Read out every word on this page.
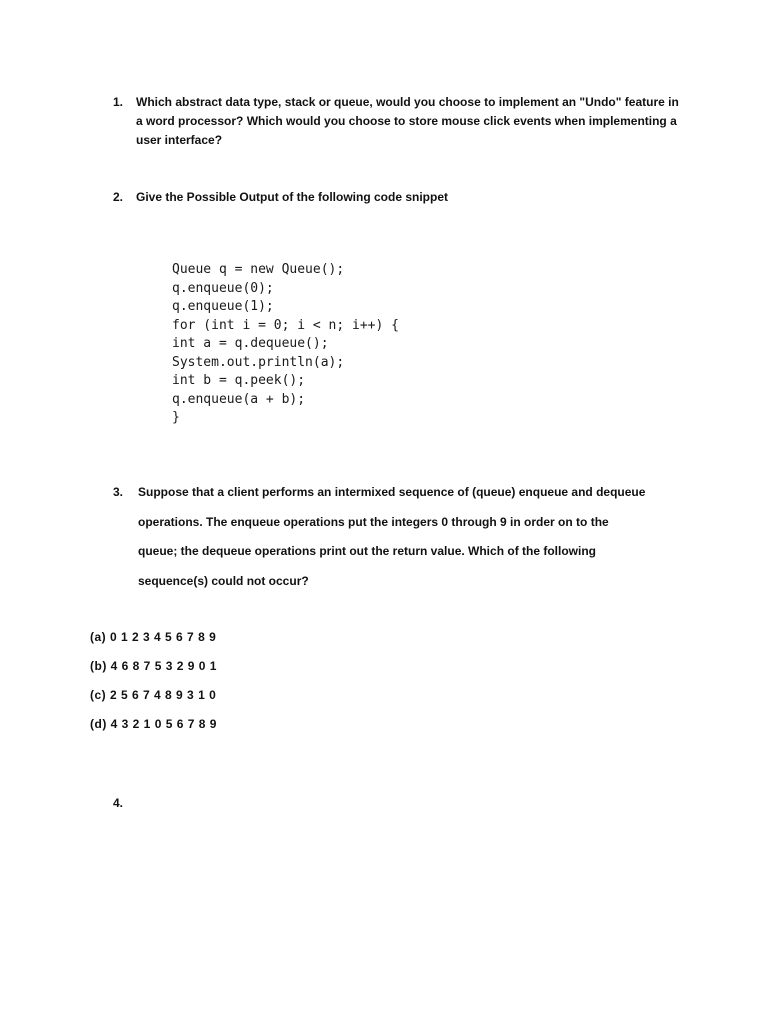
1. Which abstract data type, stack or queue, would you choose to implement an "Undo" feature in
a word processor? Which would you choose to store mouse click events when implementing a
user interface?
2. Give the Possible Output of the following code snippet
Queue q = new Queue();
q.enqueue(0);
q.enqueue(1);
for (int i = 0; i < n; i++) {
int a = q.dequeue();
System.out.println(a);
int b = q.peek();
q.enqueue(a + b);
}
3. Suppose that a client performs an intermixed sequence of (queue) enqueue and dequeue
operations. The enqueue operations put the integers 0 through 9 in order on to the
queue; the dequeue operations print out the return value. Which of the following
sequence(s) could not occur?
(a) 0 1 2 3 4 5 6 7 8 9
(b) 4 6 8 7 5 3 2 9 0 1
(c) 2 5 6 7 4 8 9 3 1 0
(d) 4 3 2 1 0 5 6 7 8 9
4.
